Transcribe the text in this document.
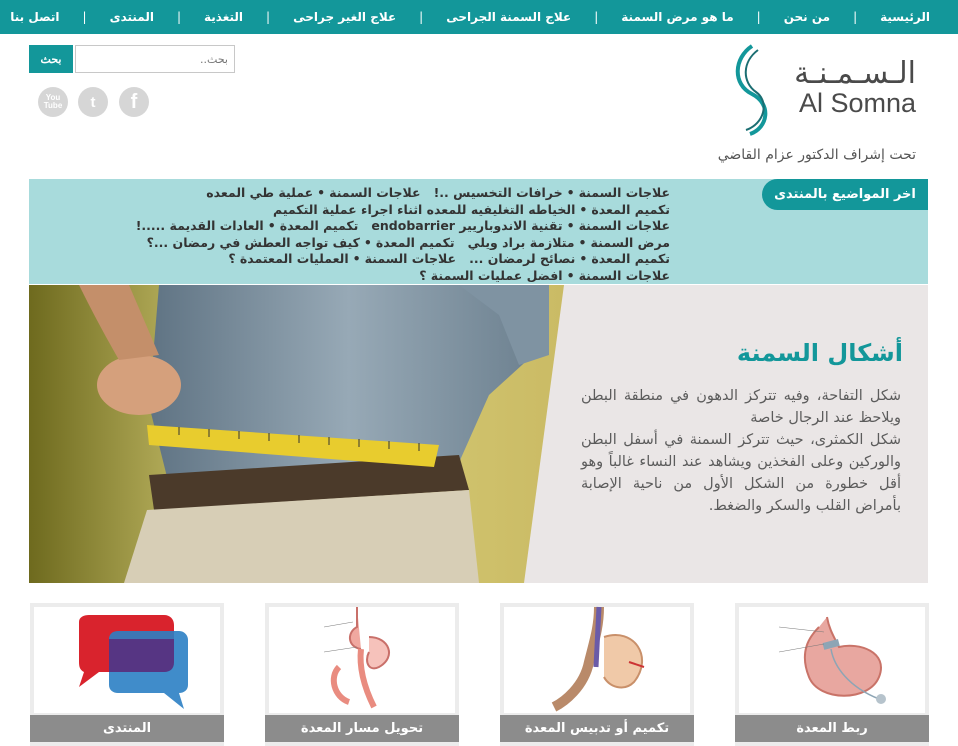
الرئيسية
|
من نحن
|
ما هو مرض السمنة
|
علاج السمنة الجراحى
|
علاج الغير جراحى
|
التغذية
|
المنتدى
|
اتصل بنا
الـسـمـنـة
Al Somna
تحت إشراف الدكتور عزام القاضي
بحث..
بحث
f
t
You
Tube
اخر المواضيع بالمنتدى
علاجات السمنة•خرافات التخسيس ..!   علاجات السمنة•عملية طي المعده
تكميم المعدة•الخياطه التغليفيه للمعده اثناء اجراء عملية التكميم
علاجات السمنة•تقنية الاندوباريير endobarrier   تكميم المعدة•العادات القديمة .....!
مرض السمنة•متلازمة براد ويلي   تكميم المعدة•كيف تواجه العطش في رمضان ...؟
تكميم المعدة•نصائح لرمضان ...   علاجات السمنة•العمليات المعتمدة ؟
علاجات السمنة•افضل عمليات السمنة ؟
أشكال السمنة

شكل التفاحة، وفيه تتركز الدهون في منطقة البطن ويلاحظ عند الرجال خاصة

شكل الكمثرى، حيث تتركز السمنة في أسفل البطن والوركين وعلى الفخذين ويشاهد عند النساء غالباً وهو أقل خطورة من الشكل الأول من ناحية الإصابة بأمراض القلب والسكر والضغط.

ربط المعدة
تكميم أو تدبيس المعدة
تحويل مسار المعدة
المنتدى
